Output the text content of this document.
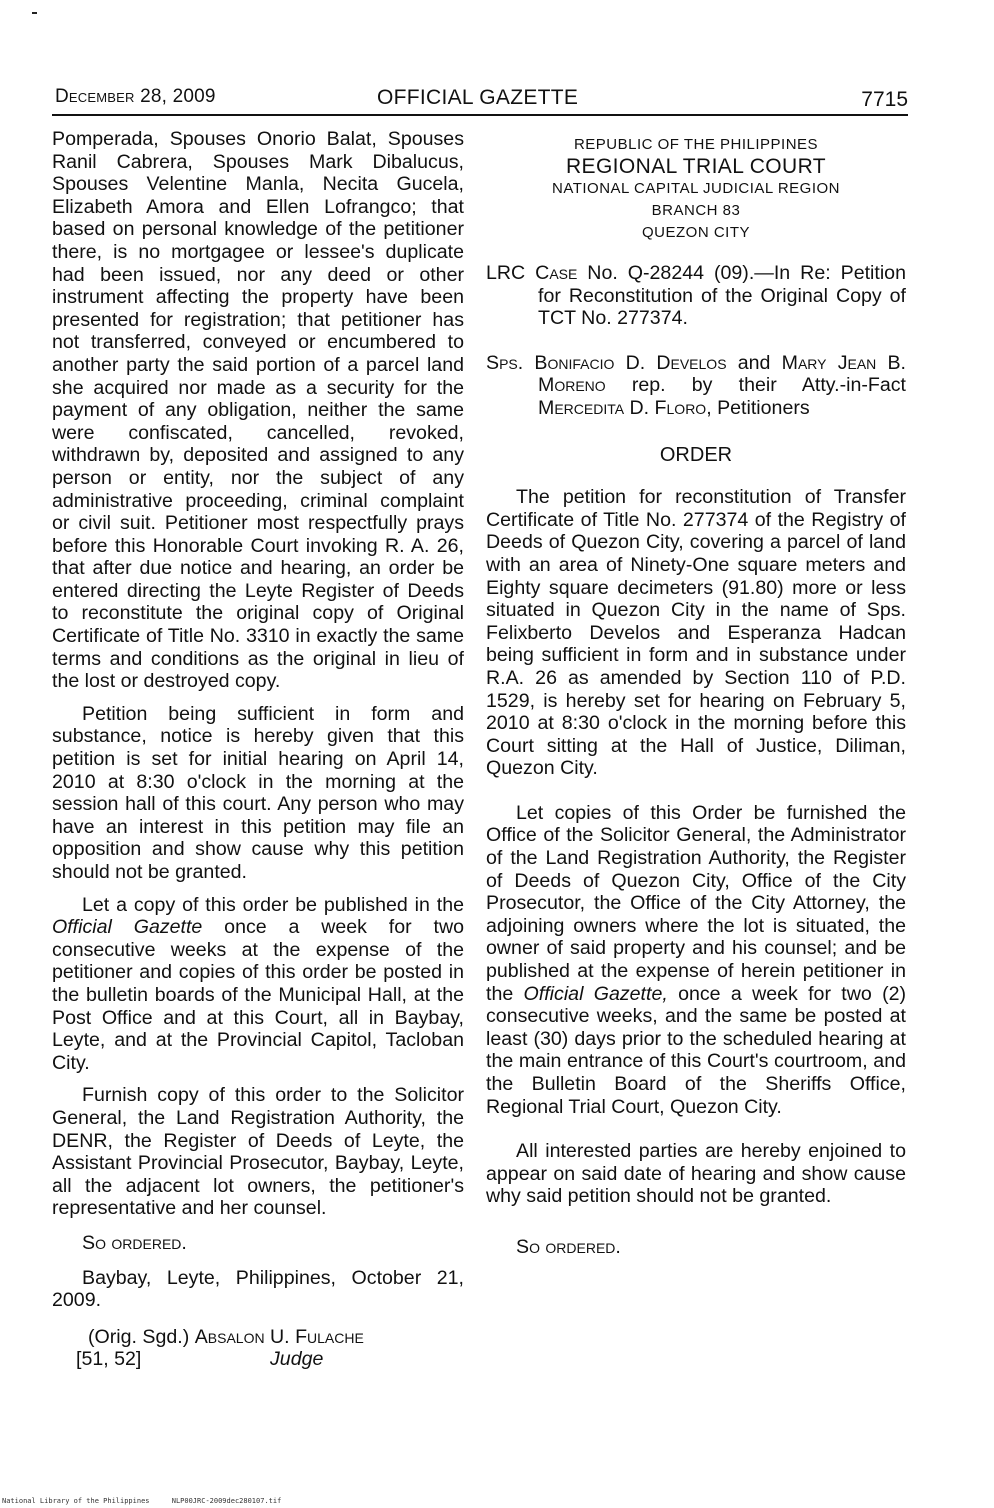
December 28, 2009	OFFICIAL GAZETTE	7715

Pomperada, Spouses Onorio Balat, Spouses Ranil Cabrera, Spouses Mark Dibalucus, Spouses Velentine Manla, Necita Gucela, Elizabeth Amora and Ellen Lofrangco; that based on personal knowledge of the petitioner there, is no mortgagee or lessee's duplicate had been issued, nor any deed or other instrument affecting the property have been presented for registration; that petitioner has not transferred, conveyed or encumbered to another party the said portion of a parcel land she acquired nor made as a security for the payment of any obligation, neither the same were confiscated, cancelled, revoked, withdrawn by, deposited and assigned to any person or entity, nor the subject of any administrative proceeding, criminal complaint or civil suit. Petitioner most respectfully prays before this Honorable Court invoking R. A. 26, that after due notice and hearing, an order be entered directing the Leyte Register of Deeds to reconstitute the original copy of Original Certificate of Title No. 3310 in exactly the same terms and conditions as the original in lieu of the lost or destroyed copy.

Petition being sufficient in form and substance, notice is hereby given that this petition is set for initial hearing on April 14, 2010 at 8:30 o'clock in the morning at the session hall of this court. Any person who may have an interest in this petition may file an opposition and show cause why this petition should not be granted.

Let a copy of this order be published in the Official Gazette once a week for two consecutive weeks at the expense of the petitioner and copies of this order be posted in the bulletin boards of the Municipal Hall, at the Post Office and at this Court, all in Baybay, Leyte, and at the Provincial Capitol, Tacloban City.

Furnish copy of this order to the Solicitor General, the Land Registration Authority, the DENR, the Register of Deeds of Leyte, the Assistant Provincial Prosecutor, Baybay, Leyte, all the adjacent lot owners, the petitioner's representative and her counsel.

So ordered.

Baybay, Leyte, Philippines, October 21, 2009.

(Orig. Sgd.) Absalon U. Fulache
[51, 52]	Judge
REPUBLIC OF THE PHILIPPINES
REGIONAL TRIAL COURT
NATIONAL CAPITAL JUDICIAL REGION
BRANCH 83
QUEZON CITY

LRC Case No. Q-28244 (09).—In Re: Petition for Reconstitution of the Original Copy of TCT No. 277374.

Sps. Bonifacio D. Develos and Mary Jean B. Moreno rep. by their Atty.-in-Fact Mercedita D. Floro, Petitioners

ORDER

The petition for reconstitution of Transfer Certificate of Title No. 277374 of the Registry of Deeds of Quezon City, covering a parcel of land with an area of Ninety-One square meters and Eighty square decimeters (91.80) more or less situated in Quezon City in the name of Sps. Felixberto Develos and Esperanza Hadcan being sufficient in form and in substance under R.A. 26 as amended by Section 110 of P.D. 1529, is hereby set for hearing on February 5, 2010 at 8:30 o'clock in the morning before this Court sitting at the Hall of Justice, Diliman, Quezon City.

Let copies of this Order be furnished the Office of the Solicitor General, the Administrator of the Land Registration Authority, the Register of Deeds of Quezon City, Office of the City Prosecutor, the Office of the City Attorney, the adjoining owners where the lot is situated, the owner of said property and his counsel; and be published at the expense of herein petitioner in the Official Gazette, once a week for two (2) consecutive weeks, and the same be posted at least (30) days prior to the scheduled hearing at the main entrance of this Court's courtroom, and the Bulletin Board of the Sheriffs Office, Regional Trial Court, Quezon City.

All interested parties are hereby enjoined to appear on said date of hearing and show cause why said petition should not be granted.

So ordered.

National Library of the Philippines	NLP00JRC-2009dec280107.tif
